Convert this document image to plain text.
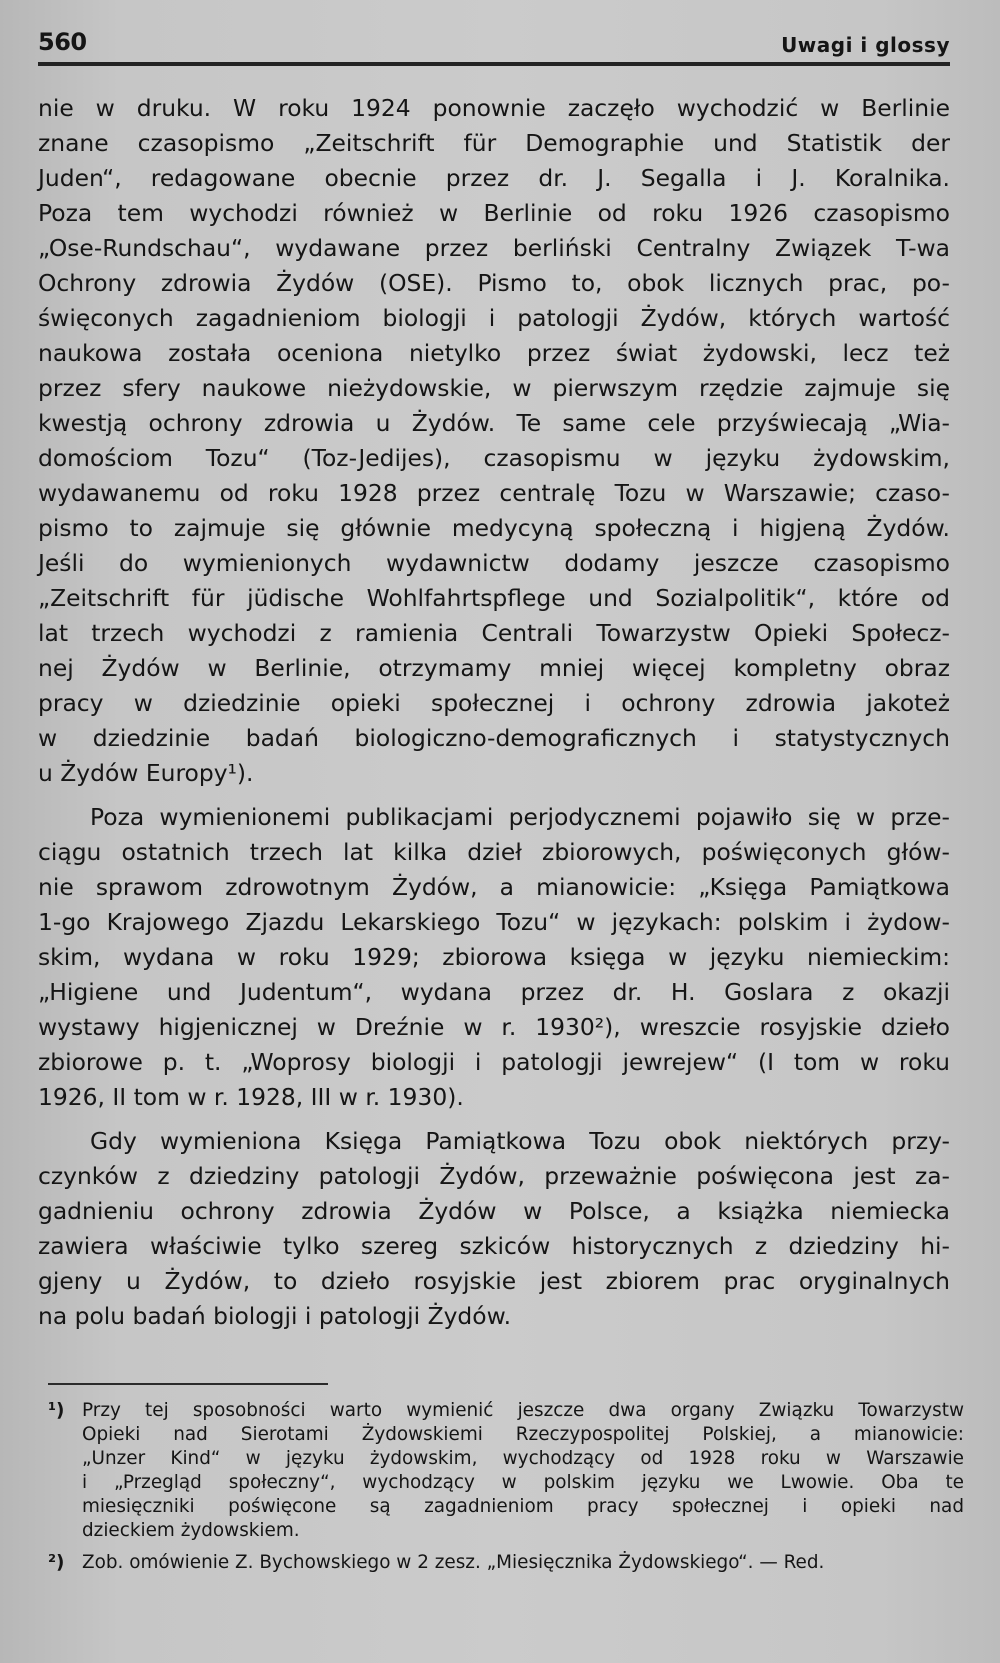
560	Uwagi i glossy

nie w druku. W roku 1924 ponownie zaczęło wychodzić w Berlinie
znane czasopismo „Zeitschrift für Demographie und Statistik der
Juden“, redagowane obecnie przez dr. J. Segalla i J. Koralnika.
Poza tem wychodzi również w Berlinie od roku 1926 czasopismo
„Ose-Rundschau“, wydawane przez berliński Centralny Związek T-wa
Ochrony zdrowia Żydów (OSE). Pismo to, obok licznych prac, po-
święconych zagadnieniom biologji i patologji Żydów, których wartość
naukowa została oceniona nietylko przez świat żydowski, lecz też
przez sfery naukowe nieżydowskie, w pierwszym rzędzie zajmuje się
kwestją ochrony zdrowia u Żydów. Te same cele przyświecają „Wia-
domościom Tozu“ (Toz-Jedijes), czasopismu w języku żydowskim,
wydawanemu od roku 1928 przez centralę Tozu w Warszawie; czaso-
pismo to zajmuje się głównie medycyną społeczną i higjeną Żydów.
Jeśli do wymienionych wydawnictw dodamy jeszcze czasopismo
„Zeitschrift für jüdische Wohlfahrtspflege und Sozialpolitik“, które od
lat trzech wychodzi z ramienia Centrali Towarzystw Opieki Społecz-
nej Żydów w Berlinie, otrzymamy mniej więcej kompletny obraz
pracy w dziedzinie opieki społecznej i ochrony zdrowia jakoteż
w dziedzinie badań biologiczno-demograficznych i statystycznych
u Żydów Europy¹).

Poza wymienionemi publikacjami perjodycznemi pojawiło się w prze-
ciągu ostatnich trzech lat kilka dzieł zbiorowych, poświęconych głów-
nie sprawom zdrowotnym Żydów, a mianowicie: „Księga Pamiątkowa
1-go Krajowego Zjazdu Lekarskiego Tozu“ w językach: polskim i żydow-
skim, wydana w roku 1929; zbiorowa księga w języku niemieckim:
„Higiene und Judentum“, wydana przez dr. H. Goslara z okazji
wystawy higjenicznej w Dreźnie w r. 1930²), wreszcie rosyjskie dzieło
zbiorowe p. t. „Woprosy biologji i patologji jewrejew“ (I tom w roku
1926, II tom w r. 1928, III w r. 1930).

Gdy wymieniona Księga Pamiątkowa Tozu obok niektórych przy-
czynków z dziedziny patologji Żydów, przeważnie poświęcona jest za-
gadnieniu ochrony zdrowia Żydów w Polsce, a książka niemiecka
zawiera właściwie tylko szereg szkiców historycznych z dziedziny hi-
gjeny u Żydów, to dzieło rosyjskie jest zbiorem prac oryginalnych
na polu badań biologji i patologji Żydów.

¹) Przy tej sposobności warto wymienić jeszcze dwa organy Związku Towarzystw
Opieki nad Sierotami Żydowskiemi Rzeczypospolitej Polskiej, a mianowicie:
„Unzer Kind“ w języku żydowskim, wychodzący od 1928 roku w Warszawie
i „Przegląd społeczny“, wychodzący w polskim języku we Lwowie. Oba te
miesięczniki poświęcone są zagadnieniom pracy społecznej i opieki nad
dzieckiem żydowskiem.

²) Zob. omówienie Z. Bychowskiego w 2 zesz. „Miesięcznika Żydowskiego“. — Red.
